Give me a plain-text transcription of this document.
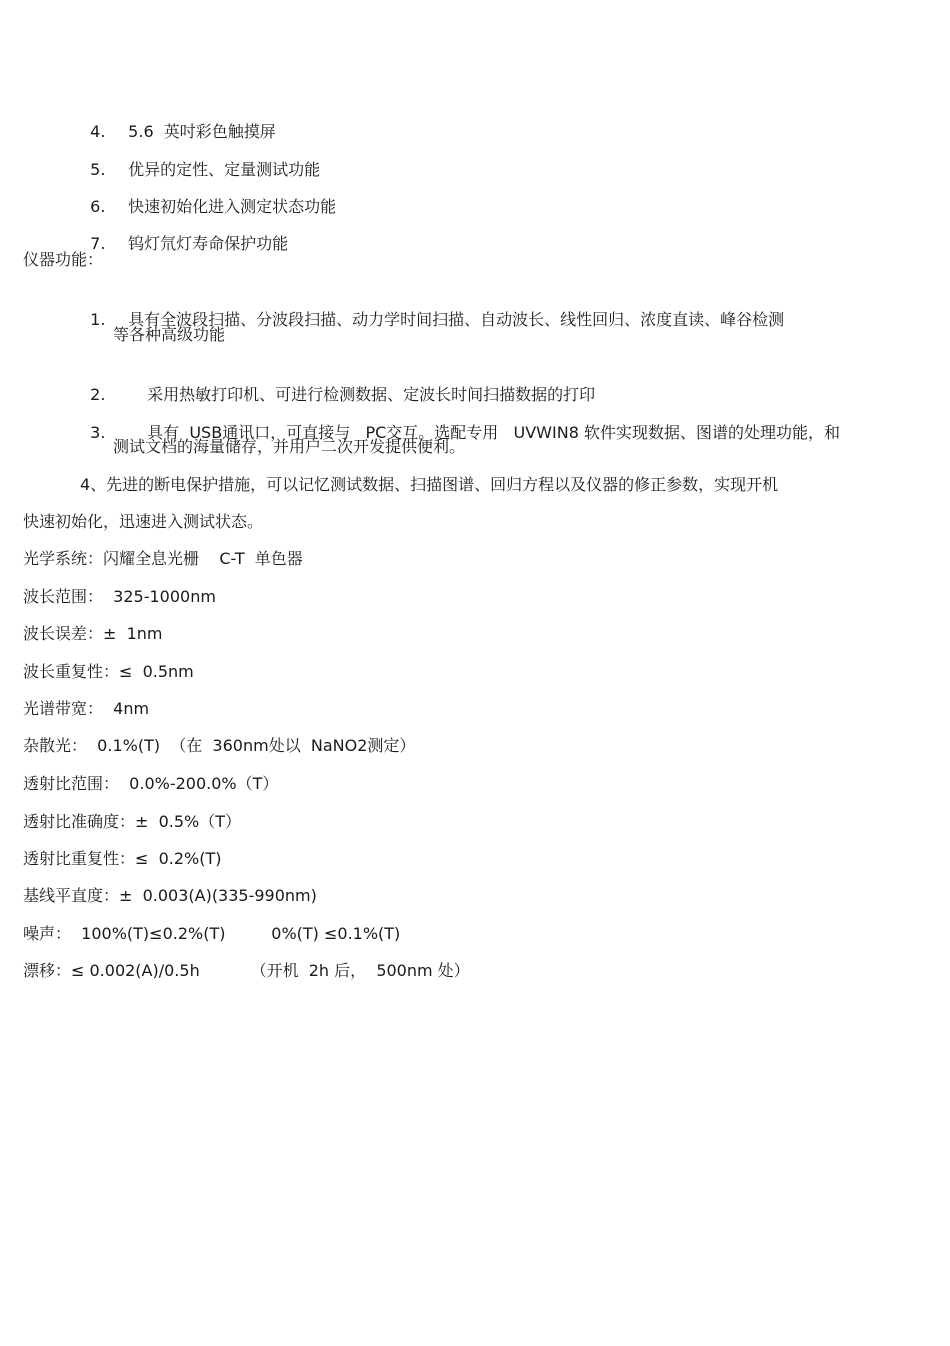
4. 5.6  英吋彩色触摸屏

5. 优异的定性、定量测试功能

6. 快速初始化进入测定状态功能

7. 钨灯氘灯寿命保护功能

仪器功能：

1. 具有全波段扫描、分波段扫描、动力学时间扫描、自动波长、线性回归、浓度直读、峰谷检测

等各种高级功能

2.	采用热敏打印机、可进行检测数据、定波长时间扫描数据的打印

3.	具有  USB通讯口，可直接与   PC交互。选配专用   UVWIN8 软件实现数据、图谱的处理功能，和

测试文档的海量储存，并用户二次开发提供便利。
4、先进的断电保护措施，可以记忆测试数据、扫描图谱、回归方程以及仪器的修正参数，实现开机
快速初始化，迅速进入测试状态。
光学系统：闪耀全息光栅    C-T  单色器
波长范围：  325-1000nm
波长误差：±  1nm
波长重复性：≤  0.5nm
光谱带宽：  4nm
杂散光：  0.1%(T)  （在  360nm处以  NaNO2测定）
透射比范围：  0.0%-200.0%（T）
透射比准确度：±  0.5%（T）
透射比重复性：≤  0.2%(T)
基线平直度：±  0.003(A)(335-990nm)
噪声：  100%(T)≤0.2%(T)         0%(T) ≤0.1%(T)
漂移：≤ 0.002(A)/0.5h          （开机  2h 后，  500nm 处）
